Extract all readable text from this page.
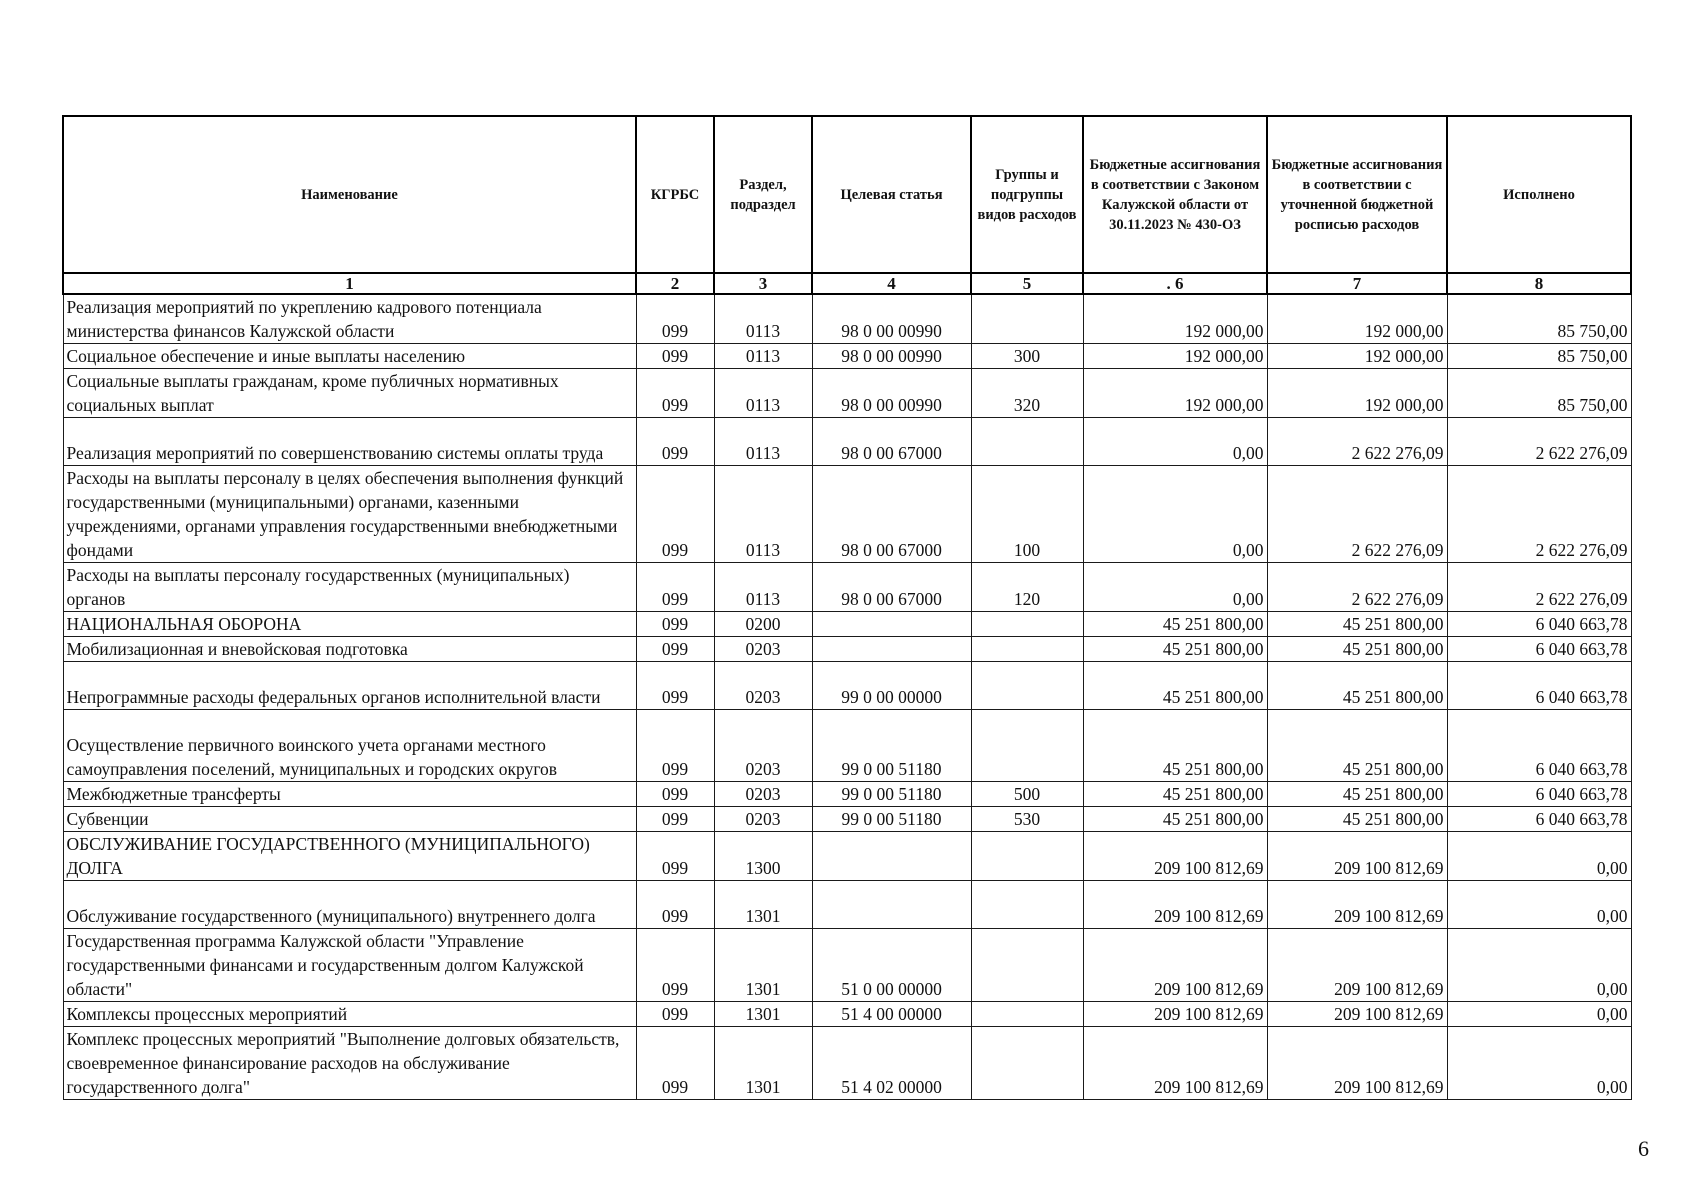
Наименование	КГРБС	Раздел, подраздел	Целевая статья	Группы и подгруппы видов расходов	Бюджетные ассигнования в соответствии с Законом Калужской области от 30.11.2023 № 430-ОЗ	Бюджетные ассигнования в соответствии с уточненной бюджетной росписью расходов	Исполнено
1	2	3	4	5	. 6	7	8
Реализация мероприятий по укреплению кадрового потенциала министерства финансов Калужской области	099	0113	98 0 00 00990		192 000,00	192 000,00	85 750,00
Социальное обеспечение и иные выплаты населению	099	0113	98 0 00 00990	300	192 000,00	192 000,00	85 750,00
Социальные выплаты гражданам, кроме публичных нормативных социальных выплат	099	0113	98 0 00 00990	320	192 000,00	192 000,00	85 750,00
Реализация мероприятий по совершенствованию системы оплаты труда	099	0113	98 0 00 67000		0,00	2 622 276,09	2 622 276,09
Расходы на выплаты персоналу в целях обеспечения выполнения функций государственными (муниципальными) органами, казенными учреждениями, органами управления государственными внебюджетными фондами	099	0113	98 0 00 67000	100	0,00	2 622 276,09	2 622 276,09
Расходы на выплаты персоналу государственных (муниципальных) органов	099	0113	98 0 00 67000	120	0,00	2 622 276,09	2 622 276,09
НАЦИОНАЛЬНАЯ ОБОРОНА	099	0200			45 251 800,00	45 251 800,00	6 040 663,78
Мобилизационная и вневойсковая подготовка	099	0203			45 251 800,00	45 251 800,00	6 040 663,78
Непрограммные расходы федеральных органов исполнительной власти	099	0203	99 0 00 00000		45 251 800,00	45 251 800,00	6 040 663,78
Осуществление первичного воинского учета органами местного самоуправления поселений, муниципальных и городских округов	099	0203	99 0 00 51180		45 251 800,00	45 251 800,00	6 040 663,78
Межбюджетные трансферты	099	0203	99 0 00 51180	500	45 251 800,00	45 251 800,00	6 040 663,78
Субвенции	099	0203	99 0 00 51180	530	45 251 800,00	45 251 800,00	6 040 663,78
ОБСЛУЖИВАНИЕ ГОСУДАРСТВЕННОГО (МУНИЦИПАЛЬНОГО) ДОЛГА	099	1300			209 100 812,69	209 100 812,69	0,00
Обслуживание государственного (муниципального) внутреннего долга	099	1301			209 100 812,69	209 100 812,69	0,00
Государственная программа Калужской области "Управление государственными финансами и государственным долгом Калужской области"	099	1301	51 0 00 00000		209 100 812,69	209 100 812,69	0,00
Комплексы процессных мероприятий	099	1301	51 4 00 00000		209 100 812,69	209 100 812,69	0,00
Комплекс процессных мероприятий "Выполнение долговых обязательств, своевременное финансирование расходов на обслуживание государственного долга"	099	1301	51 4 02 00000		209 100 812,69	209 100 812,69	0,00
6
